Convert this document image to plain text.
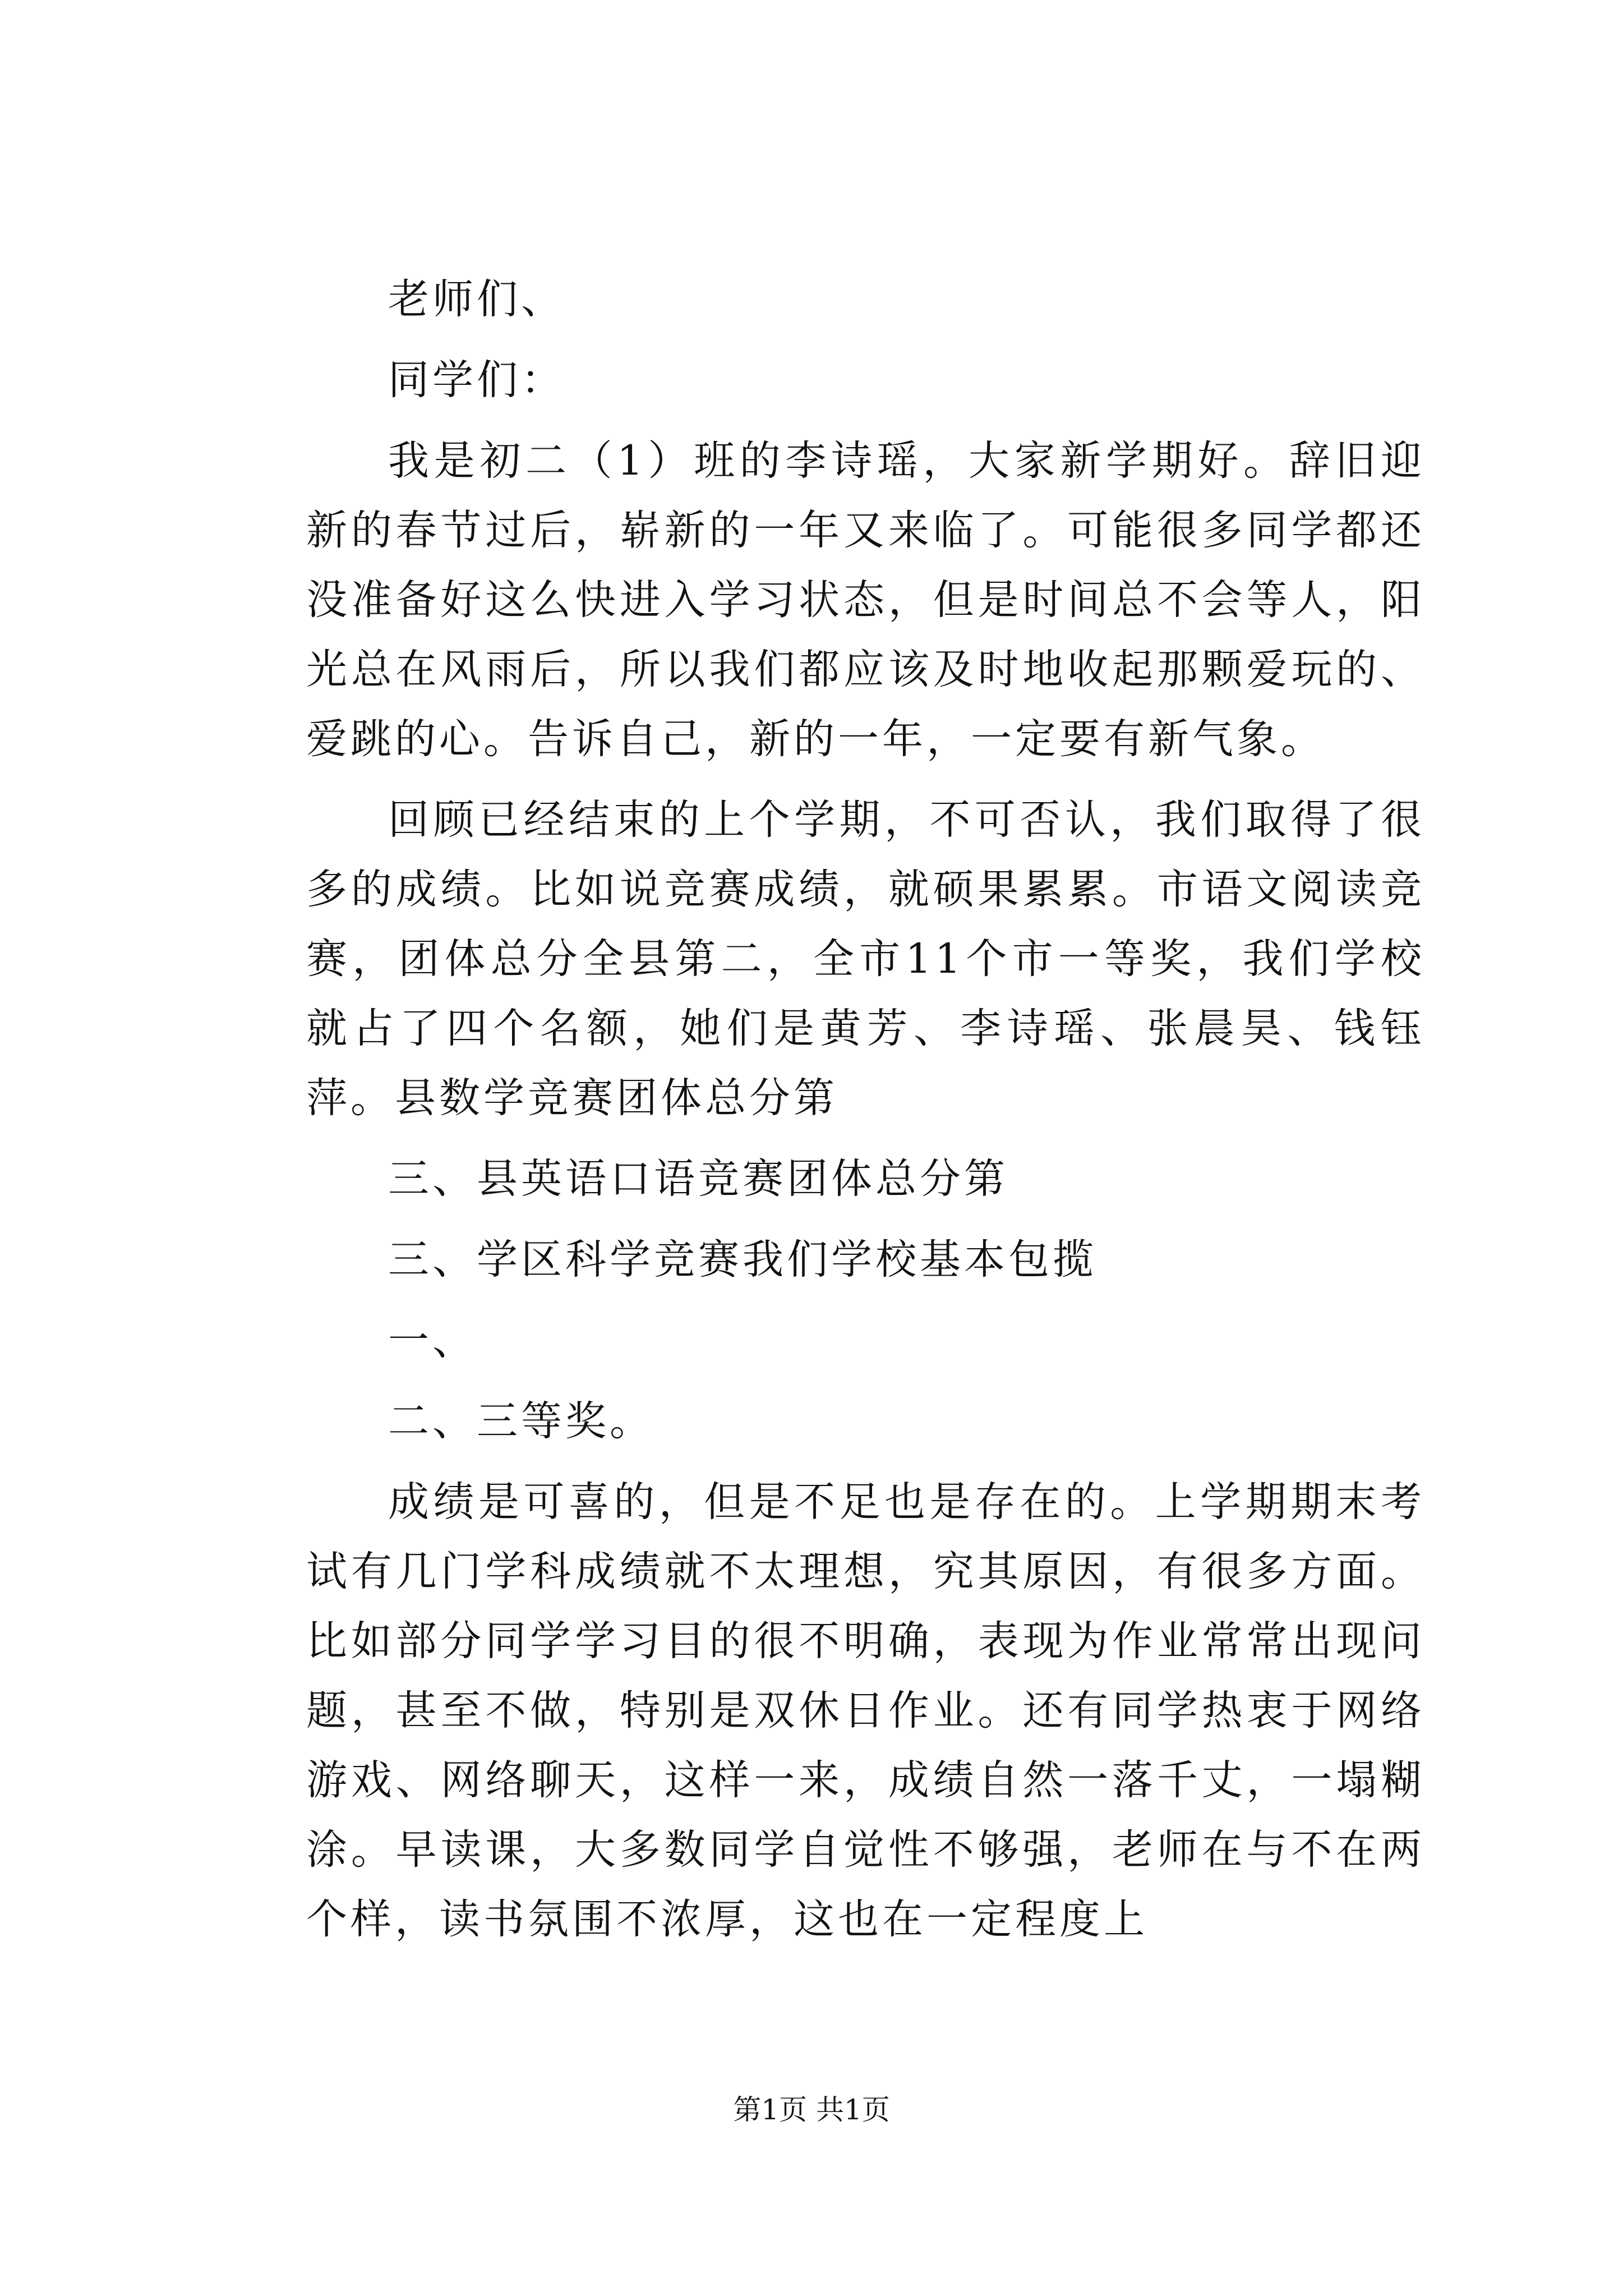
老师们、

同学们：

我是初二（1）班的李诗瑶，大家新学期好。辞旧迎新的春节过后，崭新的一年又来临了。可能很多同学都还没准备好这么快进入学习状态，但是时间总不会等人，阳光总在风雨后，所以我们都应该及时地收起那颗爱玩的、爱跳的心。告诉自己，新的一年，一定要有新气象。

回顾已经结束的上个学期，不可否认，我们取得了很多的成绩。比如说竞赛成绩，就硕果累累。市语文阅读竞赛，团体总分全县第二，全市11个市一等奖，我们学校就占了四个名额，她们是黄芳、李诗瑶、张晨昊、钱钰萍。县数学竞赛团体总分第

三、县英语口语竞赛团体总分第

三、学区科学竞赛我们学校基本包揽

一、

二、三等奖。

成绩是可喜的，但是不足也是存在的。上学期期末考试有几门学科成绩就不太理想，究其原因，有很多方面。比如部分同学学习目的很不明确，表现为作业常常出现问题，甚至不做，特别是双休日作业。还有同学热衷于网络游戏、网络聊天，这样一来，成绩自然一落千丈，一塌糊涂。早读课，大多数同学自觉性不够强，老师在与不在两个样，读书氛围不浓厚，这也在一定程度上

第1页 共1页
